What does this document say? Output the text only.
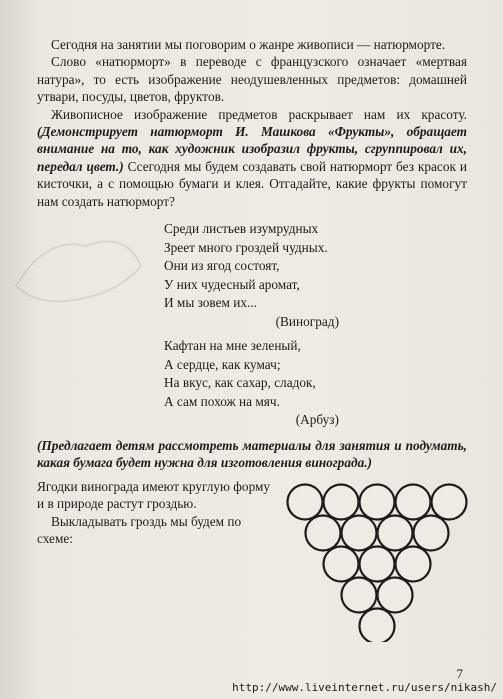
Сегодня на занятии мы поговорим о жанре живописи — натюрморте.

Слово «натюрморт» в переводе с французского означает «мертвая натура», то есть изображение неодушевленных предметов: домашней утвари, посуды, цветов, фруктов.

Живописное изображение предметов раскрывает нам их красоту. (Демонстрирует натюрморт И. Машкова «Фрукты», обращает внимание на то, как художник изобразил фрукты, сгруппировал их, передал цвет.) Ссегодня мы будем создавать свой натюрморт без красок и кисточки, а с помощью бумаги и клея. Отгадайте, какие фрукты помогут нам создать натюрморт?

Среди листьев изумрудных
Зреет много гроздей чудных.
Они из ягод состоят,
У них чудесный аромат,
И мы зовем их...
(Виноград)
Кафтан на мне зеленый,
А сердце, как кумач;
На вкус, как сахар, сладок,
А сам похож на мяч.
(Арбуз)
(Предлагает детям рассмотреть материалы для занятия и подумать, какая бумага будет нужна для изготовления винограда.)

Ягодки винограда имеют круглую форму и в природе растут гроздью.

Выкладывать гроздь мы будем по схеме:

7
http://www.liveinternet.ru/users/nikash/
